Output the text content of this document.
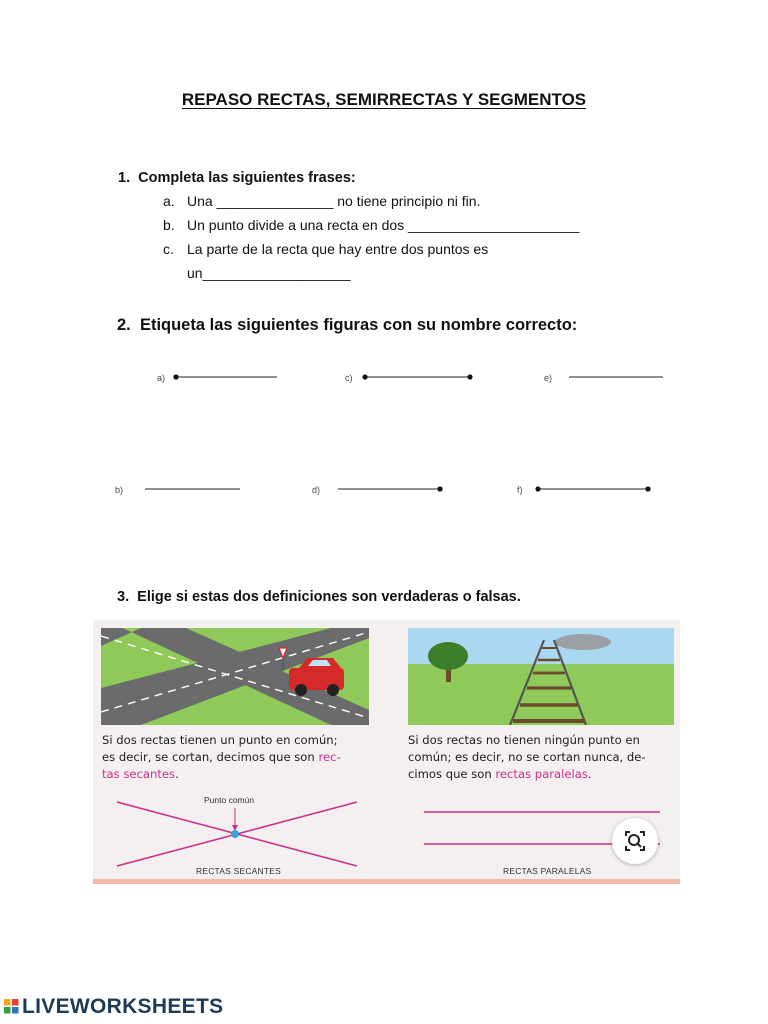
REPASO RECTAS, SEMIRRECTAS Y SEGMENTOS
1. Completa las siguientes frases:
a. Una _______________ no tiene principio ni fin.
b. Un punto divide a una recta en dos ______________________
c. La parte de la recta que hay entre dos puntos es
un___________________
2. Etiqueta las siguientes figuras con su nombre correcto:
a)	c)	e)
b)	d)	f)
3. Elige si estas dos definiciones son verdaderas o falsas.
Si dos rectas tienen un punto en común;
es decir, se cortan, decimos que son rec-
tas secantes.
Si dos rectas no tienen ningún punto en
común; es decir, no se cortan nunca, de-
cimos que son rectas paralelas.
Punto común
RECTAS SECANTES	RECTAS PARALELAS
LIVEWORKSHEETS
